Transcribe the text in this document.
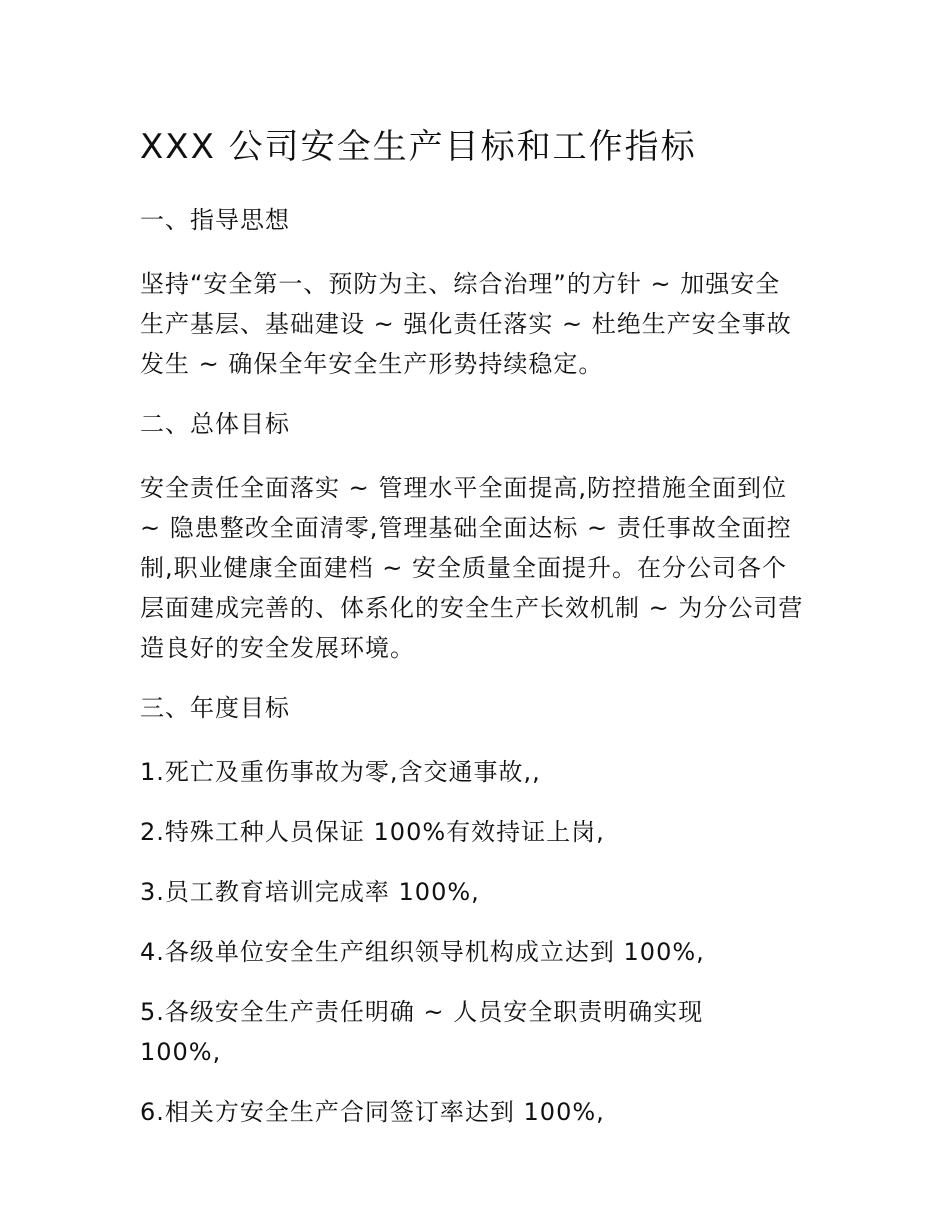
XXX 公司安全生产目标和工作指标
一、指导思想

坚持“安全第一、预防为主、综合治理”的方针 ~ 加强安全生产基层、基础建设 ~ 强化责任落实 ~ 杜绝生产安全事故发生 ~ 确保全年安全生产形势持续稳定。

二、总体目标

安全责任全面落实 ~ 管理水平全面提高,防控措施全面到位 ~ 隐患整改全面清零,管理基础全面达标 ~ 责任事故全面控制,职业健康全面建档 ~ 安全质量全面提升。在分公司各个层面建成完善的、体系化的安全生产长效机制 ~ 为分公司营造良好的安全发展环境。

三、年度目标

1.死亡及重伤事故为零,含交通事故,,

2.特殊工种人员保证 100%有效持证上岗,

3.员工教育培训完成率 100%,

4.各级单位安全生产组织领导机构成立达到 100%,

5.各级安全生产责任明确 ~ 人员安全职责明确实现 100%,

6.相关方安全生产合同签订率达到 100%,
